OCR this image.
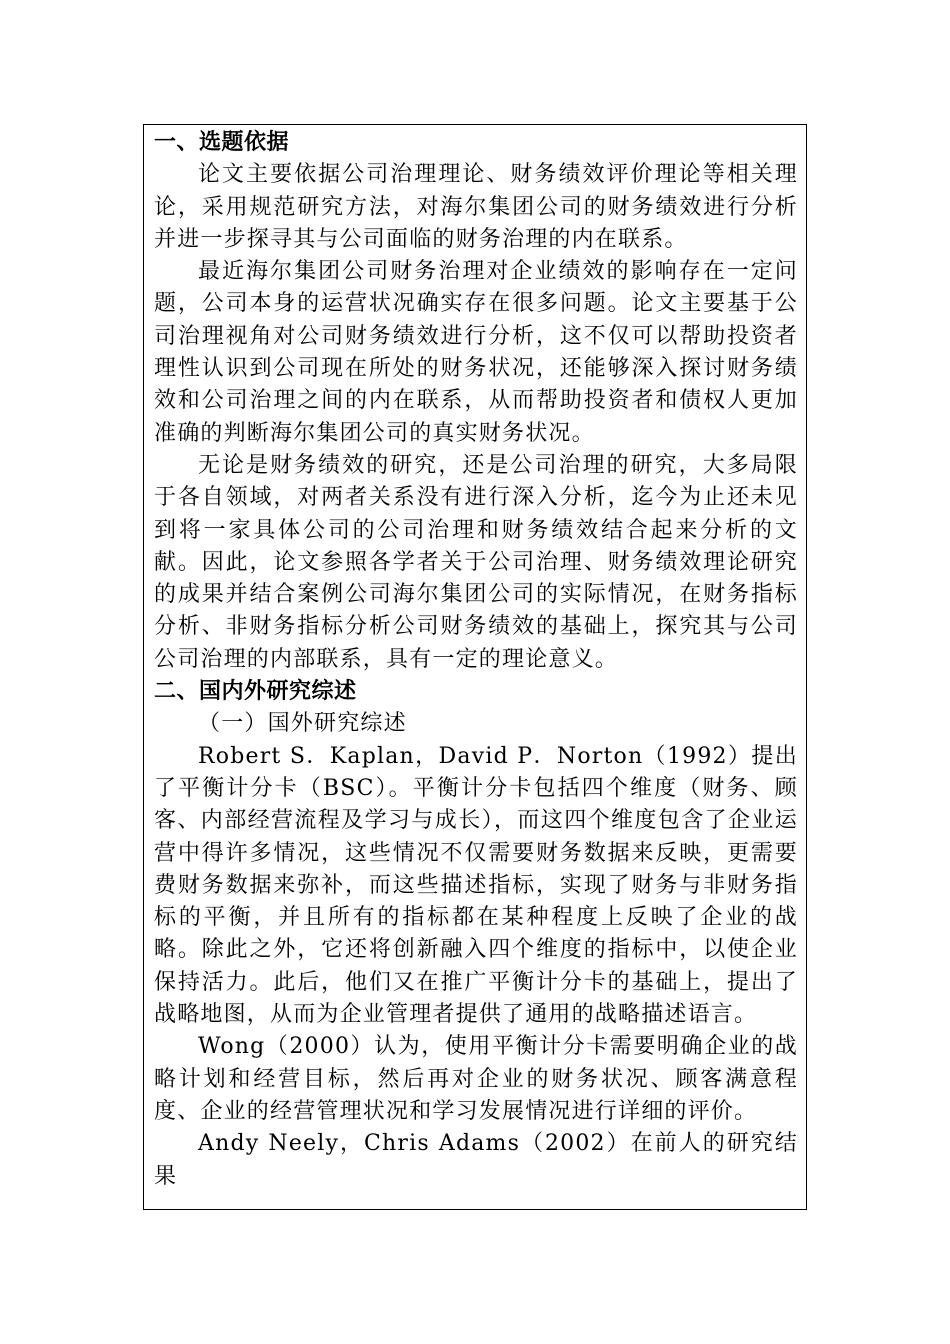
一、选题依据

论文主要依据公司治理理论、财务绩效评价理论等相关理论，采用规范研究方法，对海尔集团公司的财务绩效进行分析并进一步探寻其与公司面临的财务治理的内在联系。

最近海尔集团公司财务治理对企业绩效的影响存在一定问题，公司本身的运营状况确实存在很多问题。论文主要基于公司治理视角对公司财务绩效进行分析，这不仅可以帮助投资者理性认识到公司现在所处的财务状况，还能够深入探讨财务绩效和公司治理之间的内在联系，从而帮助投资者和债权人更加准确的判断海尔集团公司的真实财务状况。

无论是财务绩效的研究，还是公司治理的研究，大多局限于各自领域，对两者关系没有进行深入分析，迄今为止还未见到将一家具体公司的公司治理和财务绩效结合起来分析的文献。因此，论文参照各学者关于公司治理、财务绩效理论研究的成果并结合案例公司海尔集团公司的实际情况，在财务指标分析、非财务指标分析公司财务绩效的基础上，探究其与公司公司治理的内部联系，具有一定的理论意义。

二、国内外研究综述
（一）国外研究综述

Robert S．Kaplan，David P．Norton（1992）提出了平衡计分卡（BSC）。平衡计分卡包括四个维度（财务、顾客、内部经营流程及学习与成长），而这四个维度包含了企业运营中得许多情况，这些情况不仅需要财务数据来反映，更需要费财务数据来弥补，而这些描述指标，实现了财务与非财务指标的平衡，并且所有的指标都在某种程度上反映了企业的战略。除此之外，它还将创新融入四个维度的指标中，以使企业保持活力。此后，他们又在推广平衡计分卡的基础上，提出了战略地图，从而为企业管理者提供了通用的战略描述语言。

Wong（2000）认为，使用平衡计分卡需要明确企业的战略计划和经营目标，然后再对企业的财务状况、顾客满意程度、企业的经营管理状况和学习发展情况进行详细的评价。

Andy Neely，Chris Adams（2002）在前人的研究结果
